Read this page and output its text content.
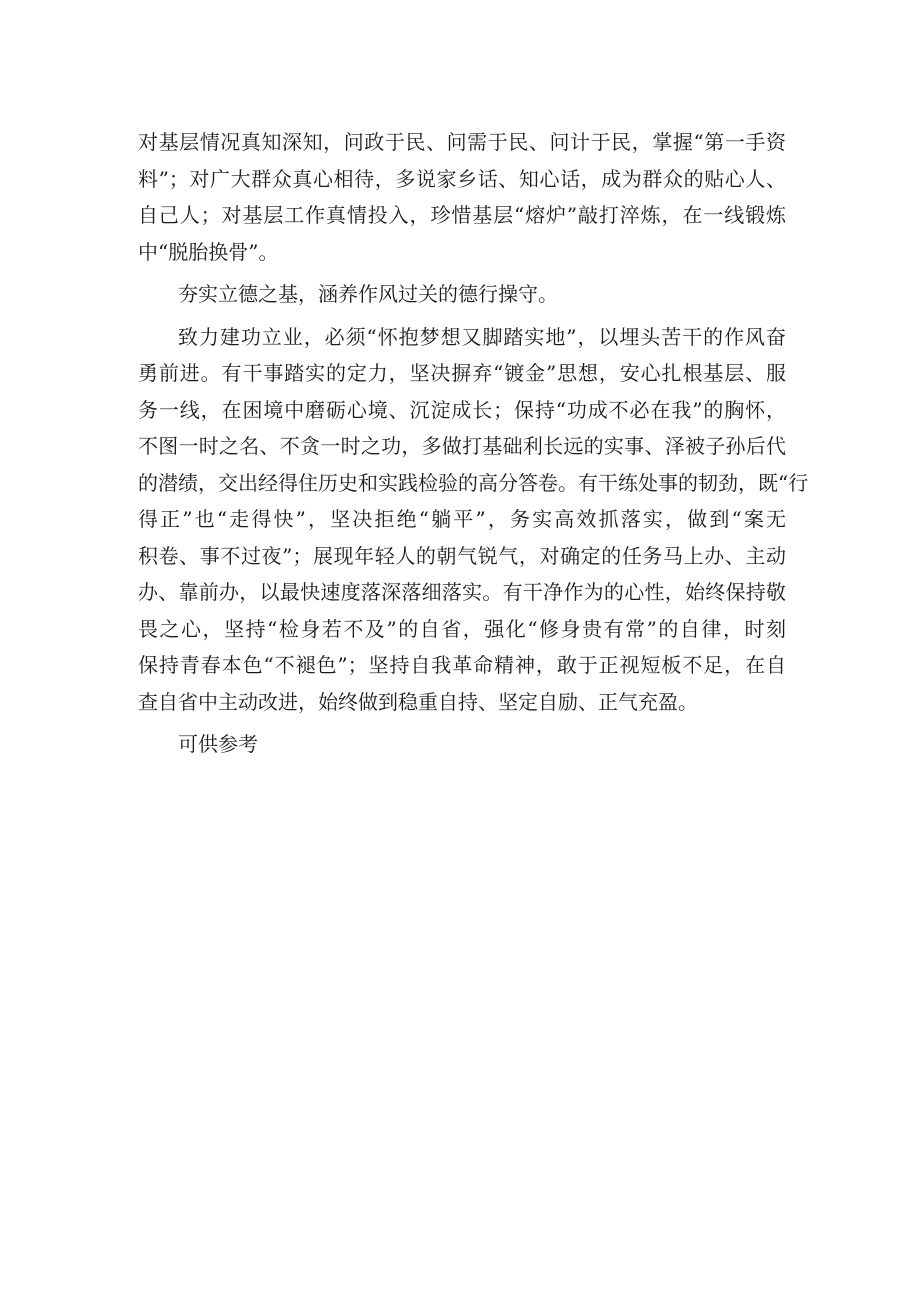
对基层情况真知深知，问政于民、问需于民、问计于民，掌握“第一手资
料”；对广大群众真心相待，多说家乡话、知心话，成为群众的贴心人、
自己人；对基层工作真情投入，珍惜基层“熔炉”敲打淬炼，在一线锻炼
中“脱胎换骨”。
夯实立德之基，涵养作风过关的德行操守。
致力建功立业，必须“怀抱梦想又脚踏实地”，以埋头苦干的作风奋
勇前进。有干事踏实的定力，坚决摒弃“镀金”思想，安心扎根基层、服
务一线，在困境中磨砺心境、沉淀成长；保持“功成不必在我”的胸怀，
不图一时之名、不贪一时之功，多做打基础利长远的实事、泽被子孙后代
的潜绩，交出经得住历史和实践检验的高分答卷。有干练处事的韧劲，既“行
得正”也“走得快”，坚决拒绝“躺平”，务实高效抓落实，做到“案无
积卷、事不过夜”；展现年轻人的朝气锐气，对确定的任务马上办、主动
办、靠前办，以最快速度落深落细落实。有干净作为的心性，始终保持敬
畏之心，坚持“检身若不及”的自省，强化“修身贵有常”的自律，时刻
保持青春本色“不褪色”；坚持自我革命精神，敢于正视短板不足，在自
查自省中主动改进，始终做到稳重自持、坚定自励、正气充盈。
可供参考
